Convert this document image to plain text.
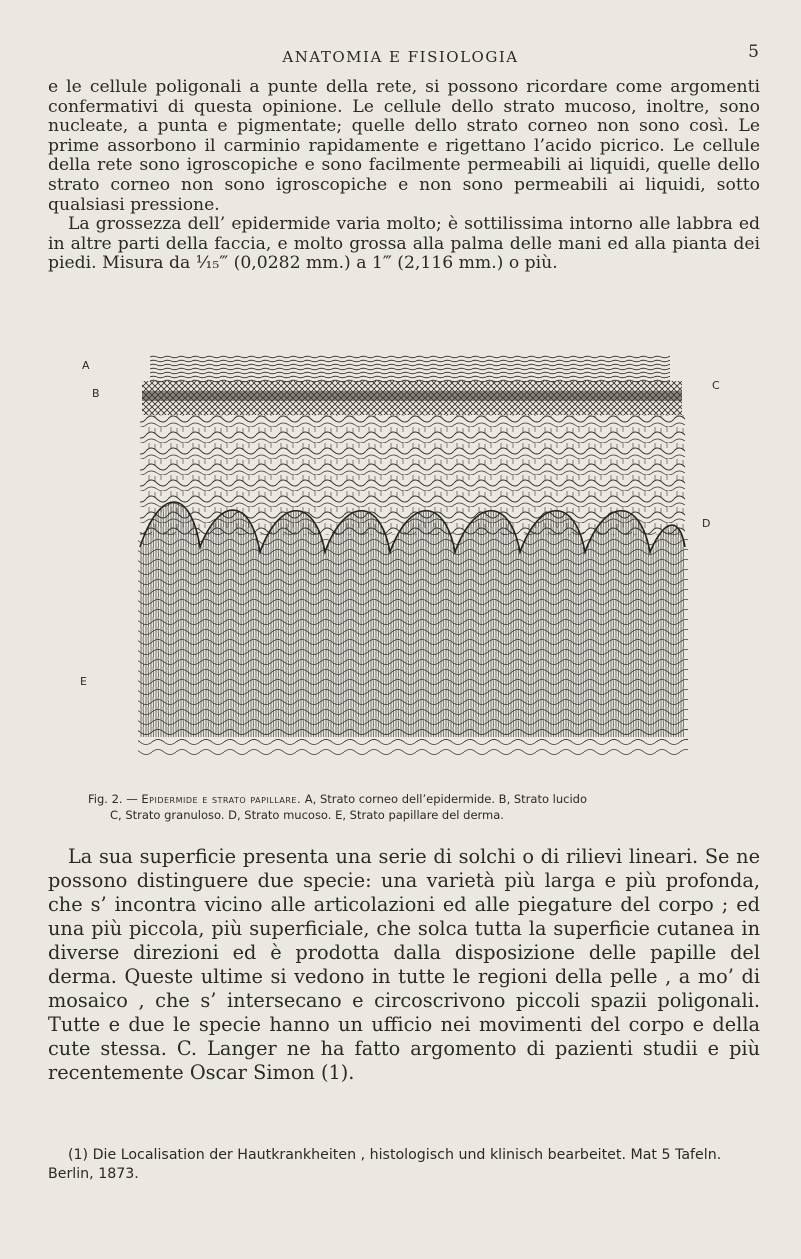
ANATOMIA E FISIOLOGIA	5

e le cellule poligonali a punte della rete, si possono ricordare come argomenti confermativi di questa opinione. Le cellule dello strato mucoso, inoltre, sono nucleate, a punta e pigmentate; quelle dello strato corneo non sono così. Le prime assorbono il carminio rapidamente e rigettano l’acido picrico. Le cellule della rete sono igroscopiche e sono facilmente permeabili ai liquidi, quelle dello strato corneo non sono igroscopiche e non sono permeabili ai liquidi, sotto qualsiasi pressione.

La grossezza dell’ epidermide varia molto; è sottilissima intorno alle labbra ed in altre parti della faccia, e molto grossa alla palma delle mani ed alla pianta dei piedi. Misura da ¹⁄₁₅‴ (0,0282 mm.) a 1‴ (2,116 mm.) o più.

A
B
C
D
E
Fig. 2. — Epidermide e strato papillare. A, Strato corneo dell’epidermide. B, Strato lucido
C, Strato granuloso. D, Strato mucoso. E, Strato papillare del derma.

La sua superficie presenta una serie di solchi o di rilievi lineari. Se ne possono distinguere due specie: una varietà più larga e più profonda, che s’ incontra vicino alle articolazioni ed alle piegature del corpo ; ed una più piccola, più superficiale, che solca tutta la superficie cutanea in diverse direzioni ed è prodotta dalla disposizione delle papille del derma. Queste ultime si vedono in tutte le regioni della pelle , a mo’ di mosaico , che s’ intersecano e circoscrivono piccoli spazii poligonali. Tutte e due le specie hanno un ufficio nei movimenti del corpo e della cute stessa. C. Langer ne ha fatto argomento di pazienti studii e più recentemente Oscar Simon (1).

(1) Die Localisation der Hautkrankheiten , histologisch und klinisch bearbeitet. Mat 5 Tafeln. Berlin, 1873.
